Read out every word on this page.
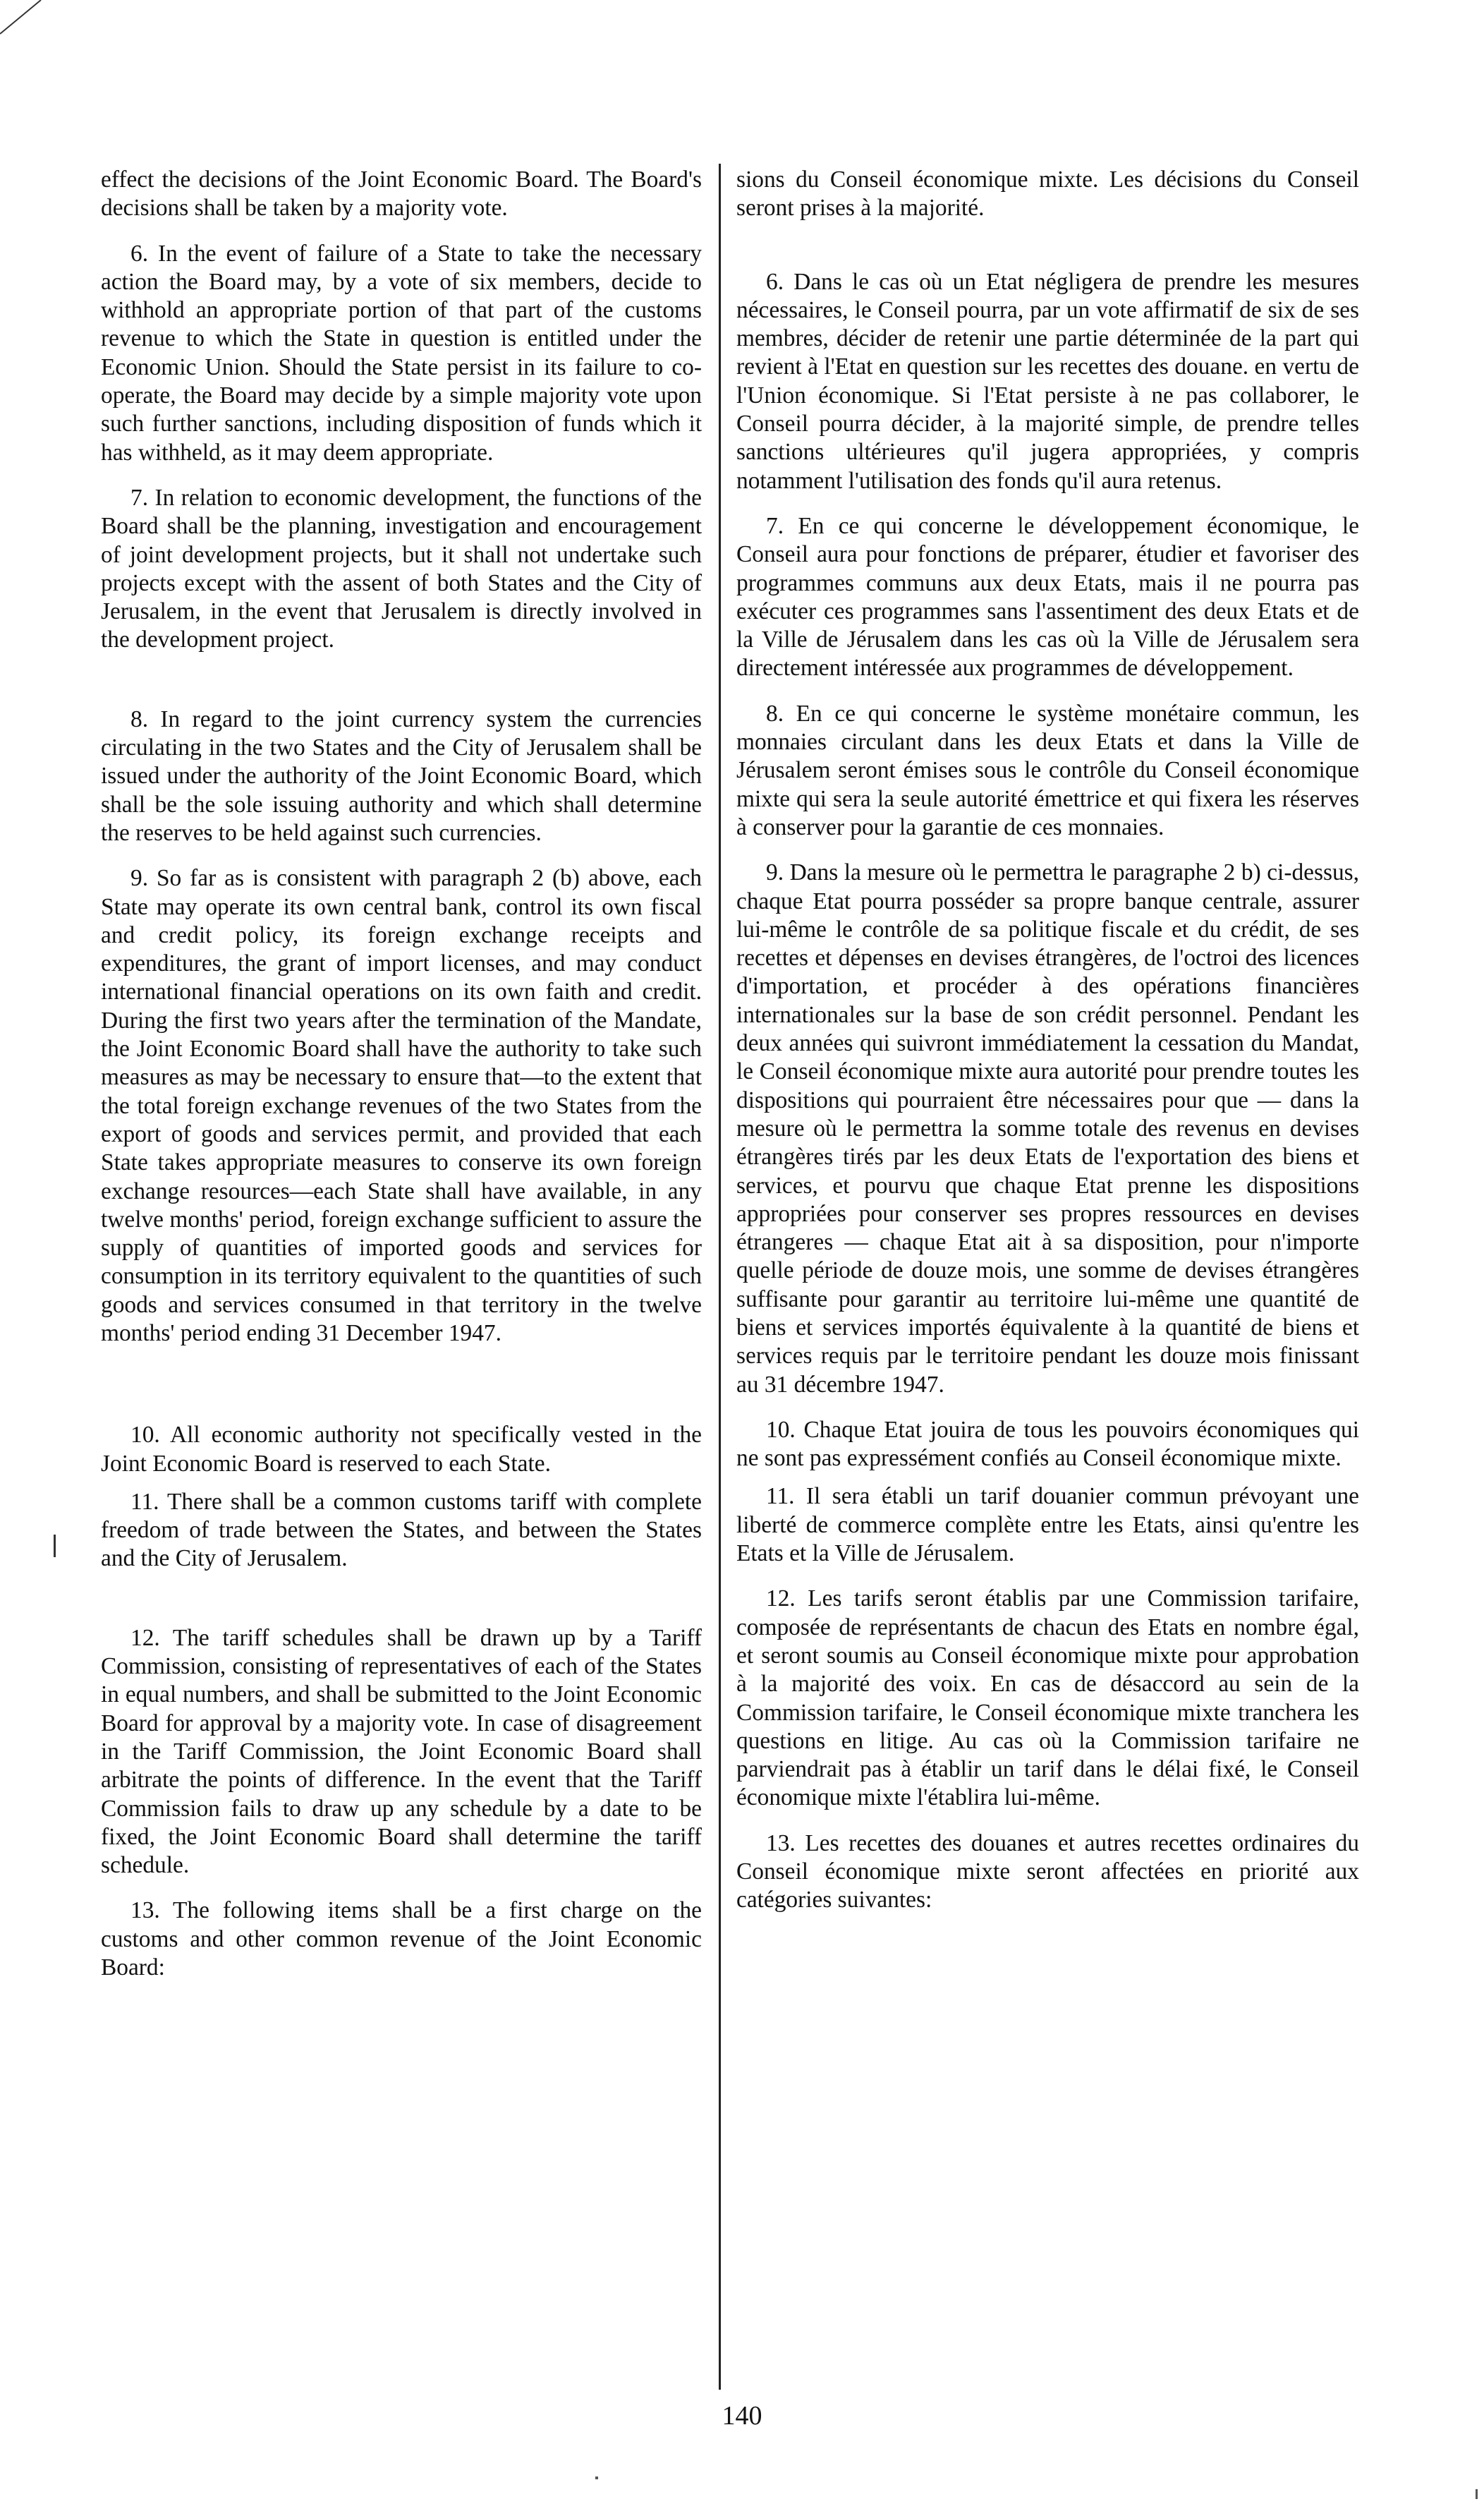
effect the decisions of the Joint Economic Board. The Board's decisions shall be taken by a majority vote.

6. In the event of failure of a State to take the necessary action the Board may, by a vote of six members, decide to withhold an appropriate portion of that part of the customs revenue to which the State in question is entitled under the Economic Union. Should the State persist in its failure to co-operate, the Board may decide by a simple majority vote upon such further sanctions, including disposition of funds which it has withheld, as it may deem appropriate.

7. In relation to economic development, the functions of the Board shall be the planning, investigation and encouragement of joint development projects, but it shall not undertake such projects except with the assent of both States and the City of Jerusalem, in the event that Jerusalem is directly involved in the development project.

8. In regard to the joint currency system the currencies circulating in the two States and the City of Jerusalem shall be issued under the authority of the Joint Economic Board, which shall be the sole issuing authority and which shall determine the reserves to be held against such currencies.

9. So far as is consistent with paragraph 2 (b) above, each State may operate its own central bank, control its own fiscal and credit policy, its foreign exchange receipts and expenditures, the grant of import licenses, and may conduct international financial operations on its own faith and credit. During the first two years after the termination of the Mandate, the Joint Economic Board shall have the authority to take such measures as may be necessary to ensure that—to the extent that the total foreign exchange revenues of the two States from the export of goods and services permit, and provided that each State takes appropriate measures to conserve its own foreign exchange resources—each State shall have available, in any twelve months' period, foreign exchange sufficient to assure the supply of quantities of imported goods and services for consumption in its territory equivalent to the quantities of such goods and services consumed in that territory in the twelve months' period ending 31 December 1947.

10. All economic authority not specifically vested in the Joint Economic Board is reserved to each State.

11. There shall be a common customs tariff with complete freedom of trade between the States, and between the States and the City of Jerusalem.

12. The tariff schedules shall be drawn up by a Tariff Commission, consisting of representatives of each of the States in equal numbers, and shall be submitted to the Joint Economic Board for approval by a majority vote. In case of disagreement in the Tariff Commission, the Joint Economic Board shall arbitrate the points of difference. In the event that the Tariff Commission fails to draw up any schedule by a date to be fixed, the Joint Economic Board shall determine the tariff schedule.

13. The following items shall be a first charge on the customs and other common revenue of the Joint Economic Board:

sions du Conseil économique mixte. Les décisions du Conseil seront prises à la majorité.

6. Dans le cas où un Etat négligera de prendre les mesures nécessaires, le Conseil pourra, par un vote affirmatif de six de ses membres, décider de retenir une partie déterminée de la part qui revient à l'Etat en question sur les recettes des douane. en vertu de l'Union économique. Si l'Etat persiste à ne pas collaborer, le Conseil pourra décider, à la majorité simple, de prendre telles sanctions ultérieures qu'il jugera appropriées, y compris notamment l'utilisation des fonds qu'il aura retenus.

7. En ce qui concerne le développement économique, le Conseil aura pour fonctions de préparer, étudier et favoriser des programmes communs aux deux Etats, mais il ne pourra pas exécuter ces programmes sans l'assentiment des deux Etats et de la Ville de Jérusalem dans les cas où la Ville de Jérusalem sera directement intéressée aux programmes de développement.

8. En ce qui concerne le système monétaire commun, les monnaies circulant dans les deux Etats et dans la Ville de Jérusalem seront émises sous le contrôle du Conseil économique mixte qui sera la seule autorité émettrice et qui fixera les réserves à conserver pour la garantie de ces monnaies.

9. Dans la mesure où le permettra le paragraphe 2 b) ci-dessus, chaque Etat pourra posséder sa propre banque centrale, assurer lui-même le contrôle de sa politique fiscale et du crédit, de ses recettes et dépenses en devises étrangères, de l'octroi des licences d'importation, et procéder à des opérations financières internationales sur la base de son crédit personnel. Pendant les deux années qui suivront immédiatement la cessation du Mandat, le Conseil économique mixte aura autorité pour prendre toutes les dispositions qui pourraient être nécessaires pour que — dans la mesure où le permettra la somme totale des revenus en devises étrangères tirés par les deux Etats de l'exportation des biens et services, et pourvu que chaque Etat prenne les dispositions appropriées pour conserver ses propres ressources en devises étrangeres — chaque Etat ait à sa disposition, pour n'importe quelle période de douze mois, une somme de devises étrangères suffisante pour garantir au territoire lui-même une quantité de biens et services importés équivalente à la quantité de biens et services requis par le territoire pendant les douze mois finissant au 31 décembre 1947.

10. Chaque Etat jouira de tous les pouvoirs économiques qui ne sont pas expressément confiés au Conseil économique mixte.

11. Il sera établi un tarif douanier commun prévoyant une liberté de commerce complète entre les Etats, ainsi qu'entre les Etats et la Ville de Jérusalem.

12. Les tarifs seront établis par une Commission tarifaire, composée de représentants de chacun des Etats en nombre égal, et seront soumis au Conseil économique mixte pour approbation à la majorité des voix. En cas de désaccord au sein de la Commission tarifaire, le Conseil économique mixte tranchera les questions en litige. Au cas où la Commission tarifaire ne parviendrait pas à établir un tarif dans le délai fixé, le Conseil économique mixte l'établira lui-même.

13. Les recettes des douanes et autres recettes ordinaires du Conseil économique mixte seront affectées en priorité aux catégories suivantes:

140
